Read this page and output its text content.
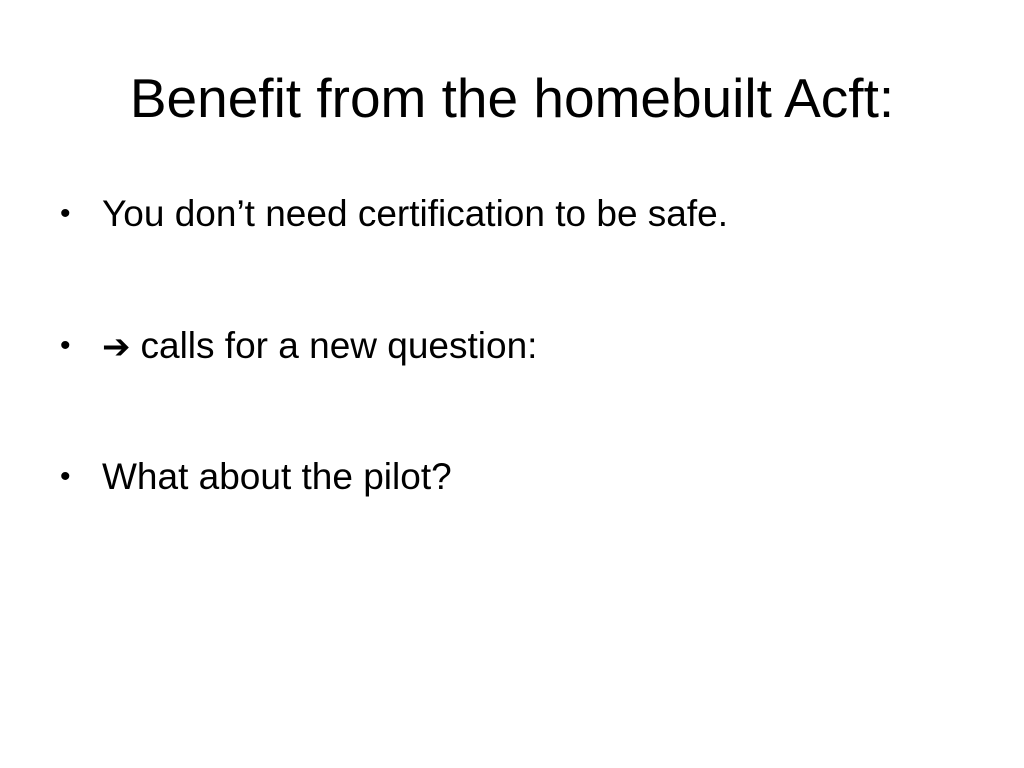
Benefit from the homebuilt Acft:
• You don’t need certification to be safe.
• ➔ calls for a new question:
• What about the pilot?
